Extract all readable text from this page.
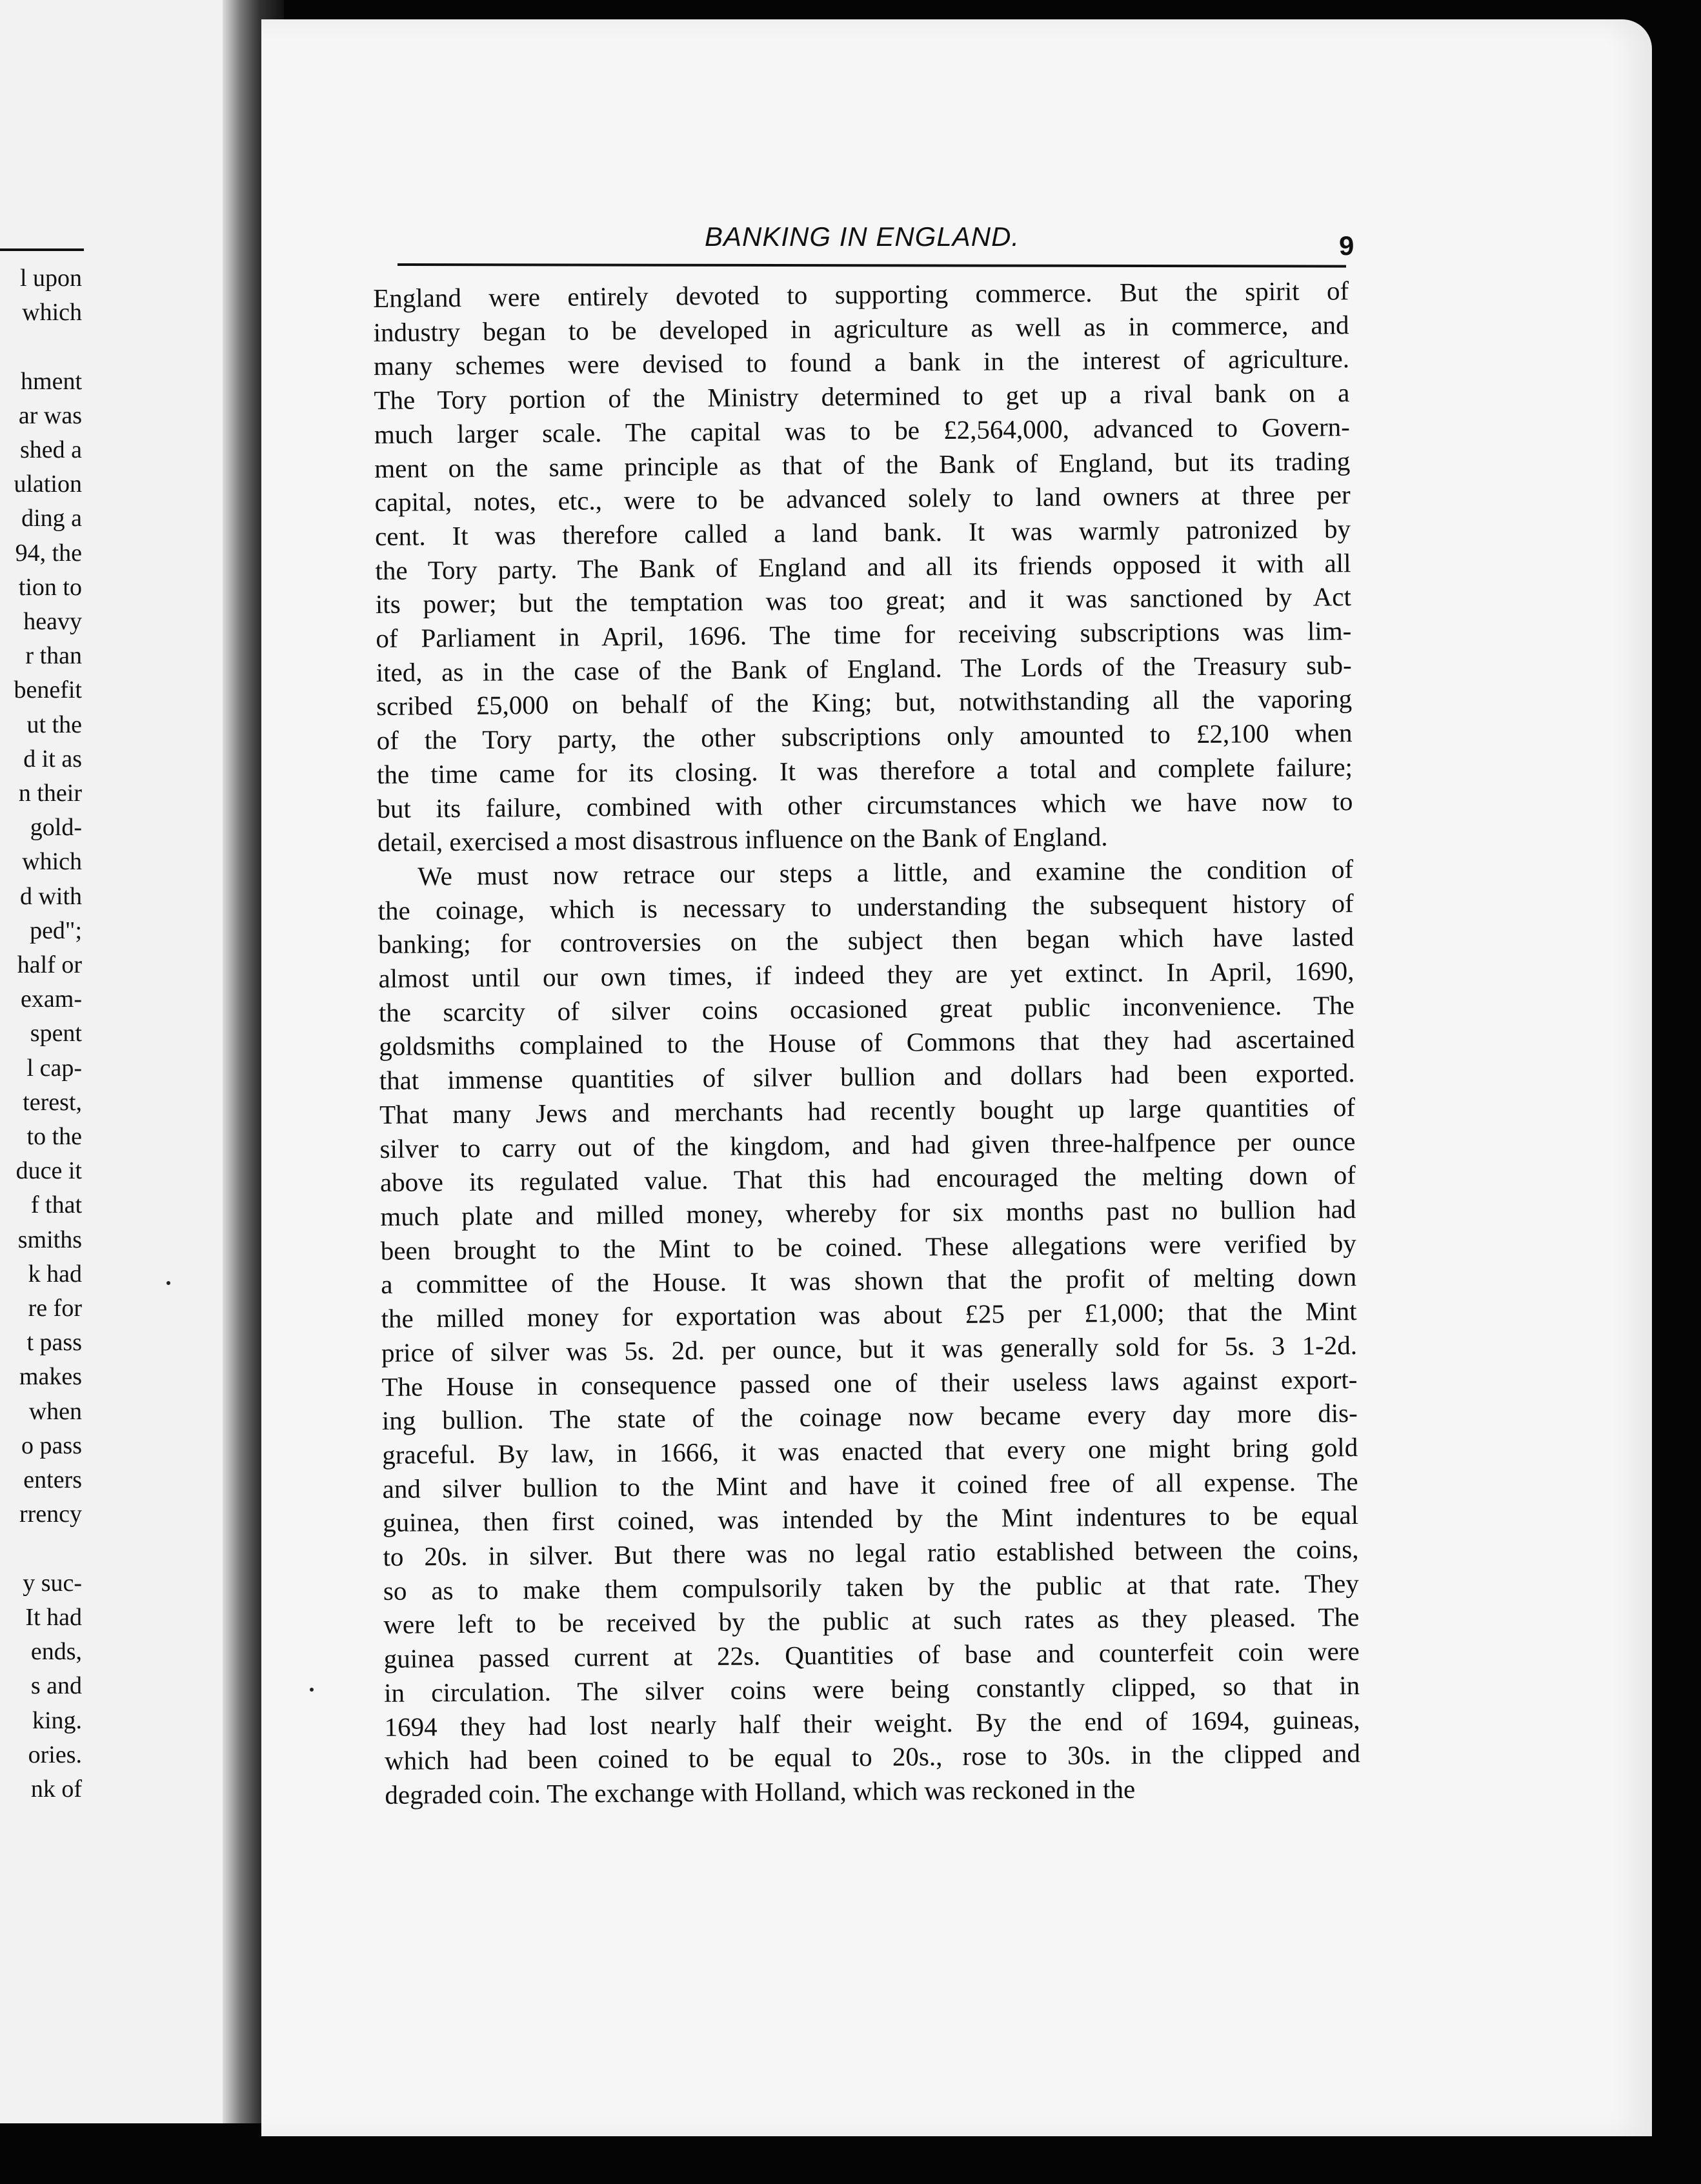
l upon
which
hment
ar was
shed a
ulation
ding a
94, the
tion to
heavy
r than
benefit
ut the
d it as
n their
gold-
which
d with
ped";
half or
exam-
spent
l cap-
terest,
to the
duce it
f that
smiths
k had
re for
t pass
makes
when
o pass
enters
rrency
y suc-
It had
ends,
s and
king.
ories.
nk of
BANKING IN ENGLAND.	9
England were entirely devoted to supporting commerce. But the spirit of
industry began to be developed in agriculture as well as in commerce, and
many schemes were devised to found a bank in the interest of agriculture.
The Tory portion of the Ministry determined to get up a rival bank on a
much larger scale. The capital was to be £2,564,000, advanced to Govern-
ment on the same principle as that of the Bank of England, but its trading
capital, notes, etc., were to be advanced solely to land owners at three per
cent. It was therefore called a land bank. It was warmly patronized by
the Tory party. The Bank of England and all its friends opposed it with all
its power; but the temptation was too great; and it was sanctioned by Act
of Parliament in April, 1696. The time for receiving subscriptions was lim-
ited, as in the case of the Bank of England. The Lords of the Treasury sub-
scribed £5,000 on behalf of the King; but, notwithstanding all the vaporing
of the Tory party, the other subscriptions only amounted to £2,100 when
the time came for its closing. It was therefore a total and complete failure;
but its failure, combined with other circumstances which we have now to
detail, exercised a most disastrous influence on the Bank of England.
We must now retrace our steps a little, and examine the condition of
the coinage, which is necessary to understanding the subsequent history of
banking; for controversies on the subject then began which have lasted
almost until our own times, if indeed they are yet extinct. In April, 1690,
the scarcity of silver coins occasioned great public inconvenience. The
goldsmiths complained to the House of Commons that they had ascertained
that immense quantities of silver bullion and dollars had been exported.
That many Jews and merchants had recently bought up large quantities of
silver to carry out of the kingdom, and had given three-halfpence per ounce
above its regulated value. That this had encouraged the melting down of
much plate and milled money, whereby for six months past no bullion had
been brought to the Mint to be coined. These allegations were verified by
a committee of the House. It was shown that the profit of melting down
the milled money for exportation was about £25 per £1,000; that the Mint
price of silver was 5s. 2d. per ounce, but it was generally sold for 5s. 3 1-2d.
The House in consequence passed one of their useless laws against export-
ing bullion. The state of the coinage now became every day more dis-
graceful. By law, in 1666, it was enacted that every one might bring gold
and silver bullion to the Mint and have it coined free of all expense. The
guinea, then first coined, was intended by the Mint indentures to be equal
to 20s. in silver. But there was no legal ratio established between the coins,
so as to make them compulsorily taken by the public at that rate. They
were left to be received by the public at such rates as they pleased. The
guinea passed current at 22s. Quantities of base and counterfeit coin were
in circulation. The silver coins were being constantly clipped, so that in
1694 they had lost nearly half their weight. By the end of 1694, guineas,
which had been coined to be equal to 20s., rose to 30s. in the clipped and
degraded coin. The exchange with Holland, which was reckoned in the
